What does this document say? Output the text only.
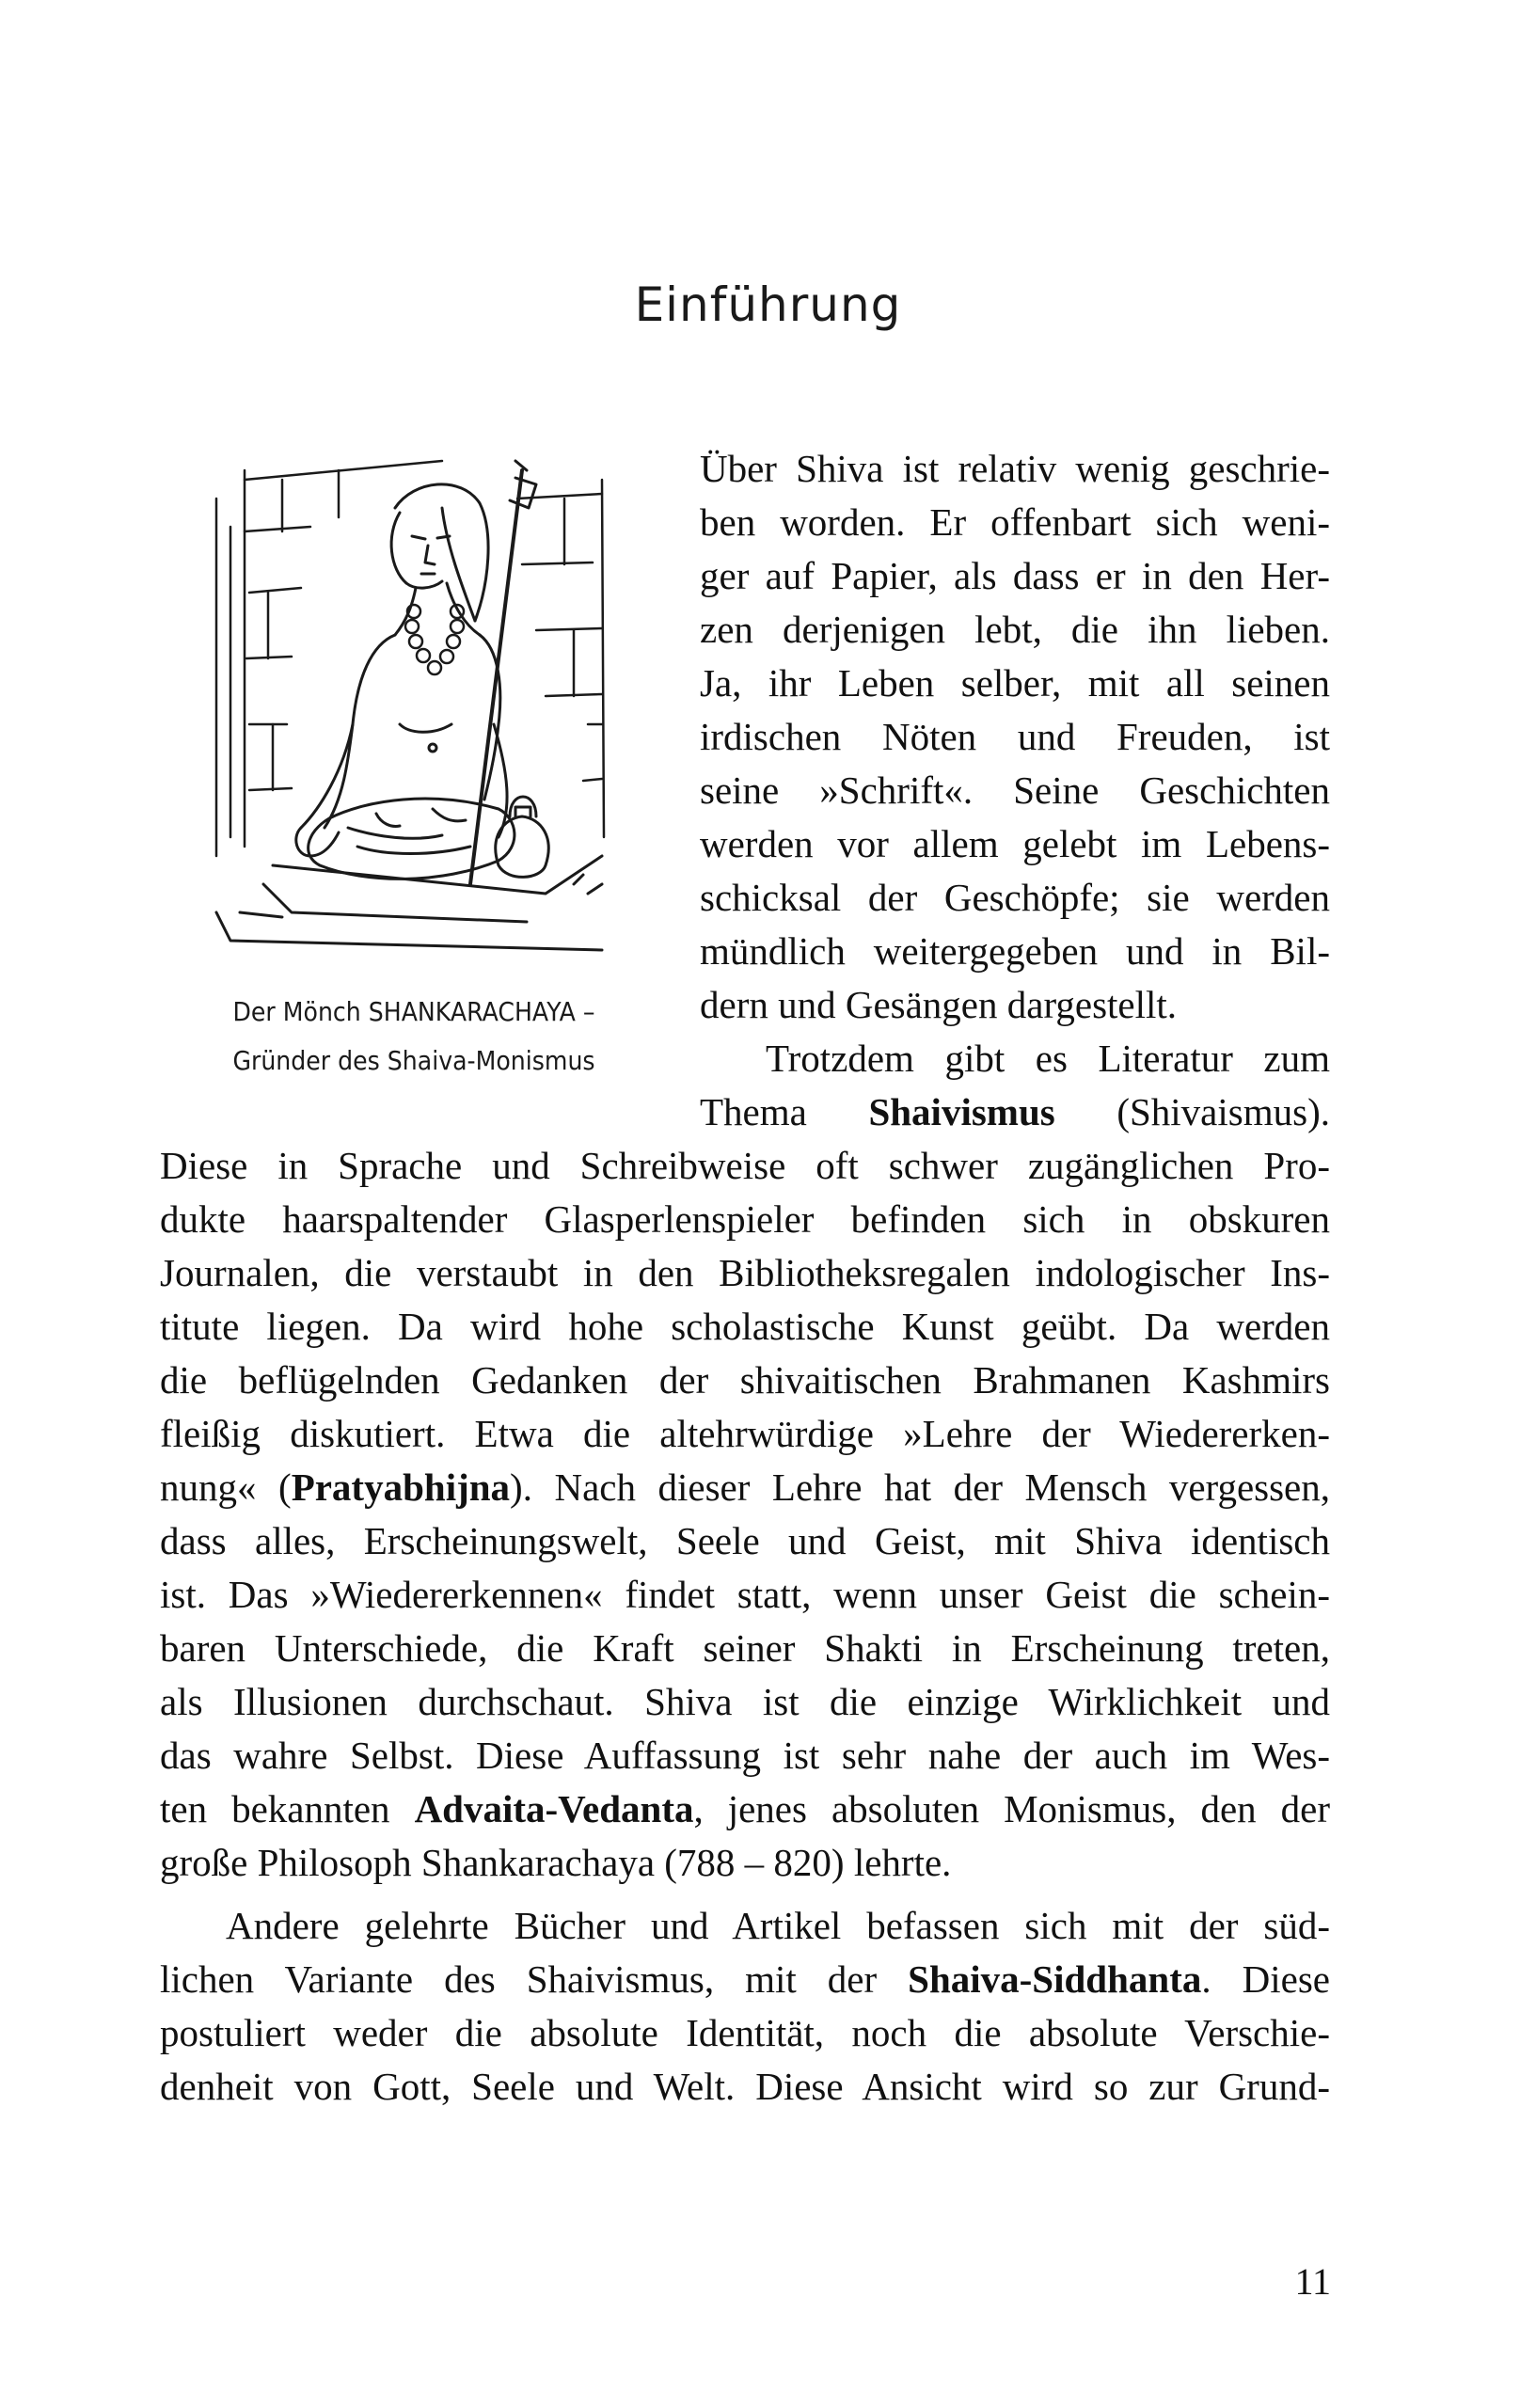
Einführung
Der Mönch SHANKARACHAYA –
Gründer des Shaiva-Monismus
Über Shiva ist relativ wenig geschrie-
ben worden. Er offenbart sich weni-
ger auf Papier, als dass er in den Her-
zen derjenigen lebt, die ihn lieben.
Ja, ihr Leben selber, mit all seinen
irdischen Nöten und Freuden, ist
seine »Schrift«. Seine Geschichten
werden vor allem gelebt im Lebens-
schicksal der Geschöpfe; sie werden
mündlich weitergegeben und in Bil-
dern und Gesängen dargestellt.
Trotzdem gibt es Literatur zum
Thema Shaivismus (Shivaismus).
Diese in Sprache und Schreibweise oft schwer zugänglichen Pro-
dukte haarspaltender Glasperlenspieler befinden sich in obskuren
Journalen, die verstaubt in den Bibliotheksregalen indologischer Ins-
titute liegen. Da wird hohe scholastische Kunst geübt. Da werden
die beflügelnden Gedanken der shivaitischen Brahmanen Kashmirs
fleißig diskutiert. Etwa die altehrwürdige »Lehre der Wiedererken-
nung« (Pratyabhijna). Nach dieser Lehre hat der Mensch vergessen,
dass alles, Erscheinungswelt, Seele und Geist, mit Shiva identisch
ist. Das »Wiedererkennen« findet statt, wenn unser Geist die schein-
baren Unterschiede, die Kraft seiner Shakti in Erscheinung treten,
als Illusionen durchschaut. Shiva ist die einzige Wirklichkeit und
das wahre Selbst. Diese Auffassung ist sehr nahe der auch im Wes-
ten bekannten Advaita-Vedanta, jenes absoluten Monismus, den der
große Philosoph Shankarachaya (788 – 820) lehrte.
Andere gelehrte Bücher und Artikel befassen sich mit der süd-
lichen Variante des Shaivismus, mit der Shaiva-Siddhanta. Diese
postuliert weder die absolute Identität, noch die absolute Verschie-
denheit von Gott, Seele und Welt. Diese Ansicht wird so zur Grund-
11
